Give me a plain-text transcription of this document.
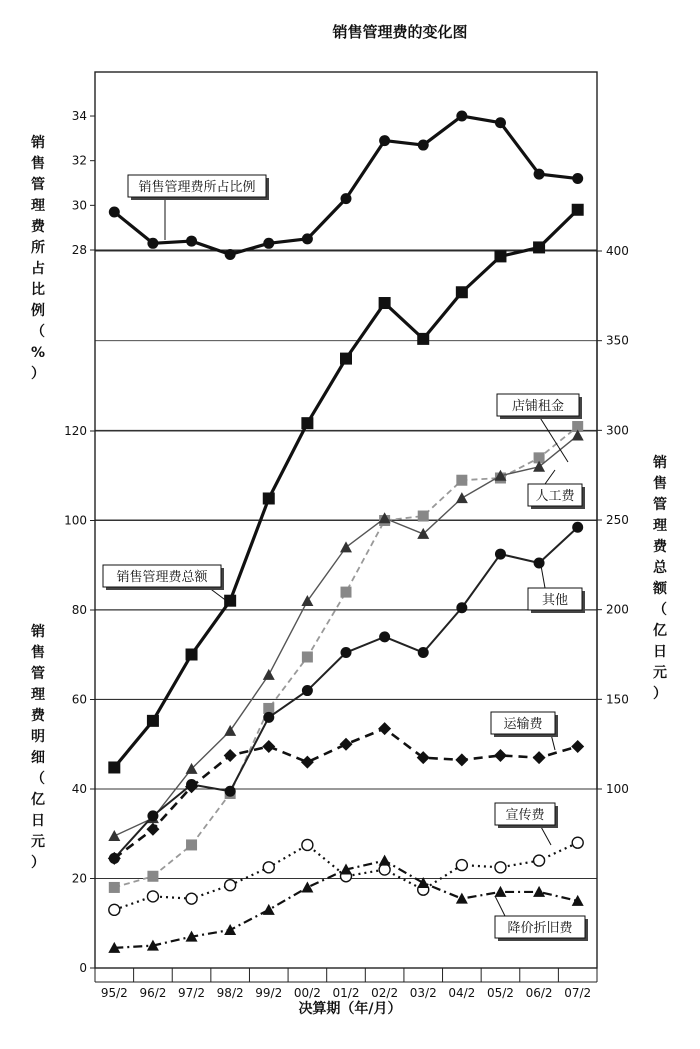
销售管理费的变化图
28
30
32
34
0
20
40
60
80
100
120
100
150
200
250
300
350
400
95/2 96/2 97/2 98/2 99/2 00/2 01/2 02/2 03/2 04/2 05/2 06/2 07/2
销售管理费所占比例
销售管理费总额
店铺租金
人工费
其他
运输费
宣传费
降价折旧费
销售管理费所占比例（%）
销售管理费明细（亿日元）
销售管理费总额（亿日元）
决算期（年/月）
